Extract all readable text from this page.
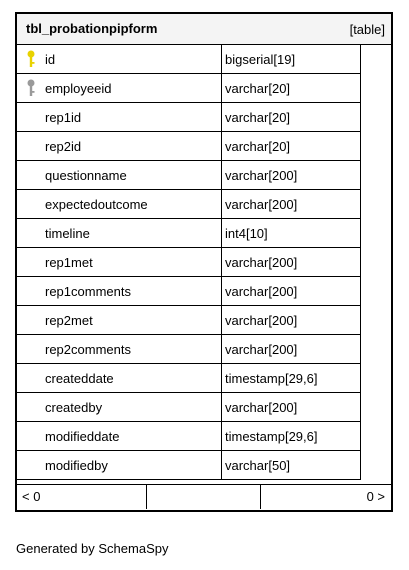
tbl_probationpipform	[table]
id	bigserial[19]
employeeid	varchar[20]
rep1id	varchar[20]
rep2id	varchar[20]
questionname	varchar[200]
expectedoutcome	varchar[200]
timeline	int4[10]
rep1met	varchar[200]
rep1comments	varchar[200]
rep2met	varchar[200]
rep2comments	varchar[200]
createddate	timestamp[29,6]
createdby	varchar[200]
modifieddate	timestamp[29,6]
modifiedby	varchar[50]
< 0	0 >
Generated by SchemaSpy
